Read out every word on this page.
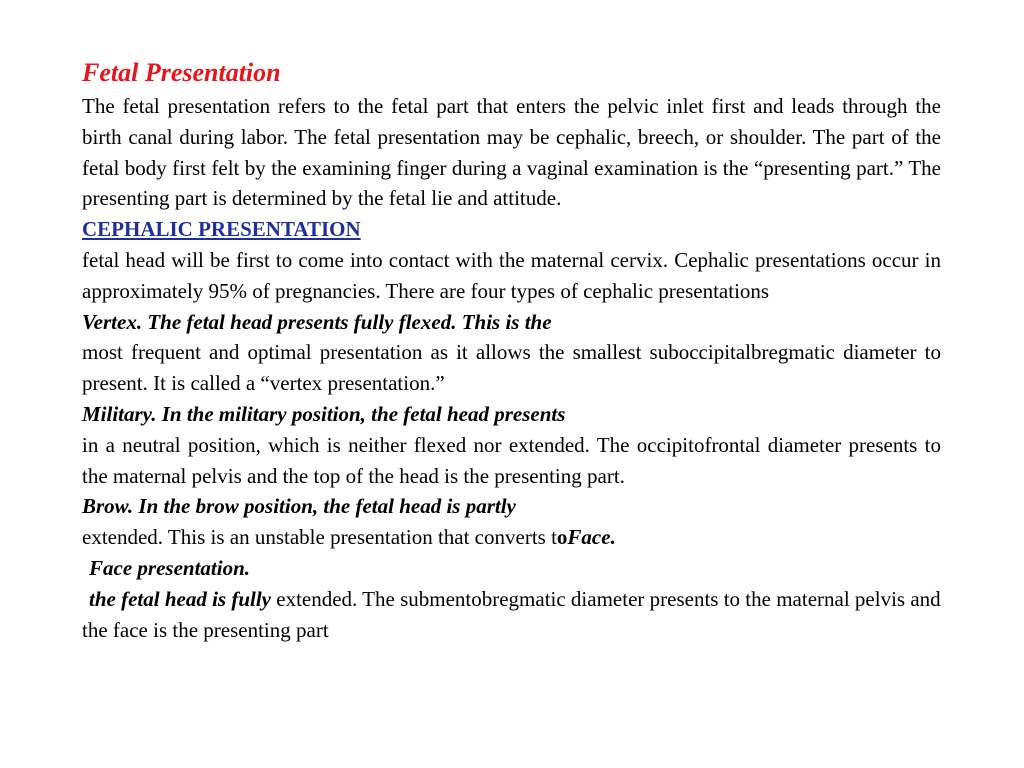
Fetal Presentation

The fetal presentation refers to the fetal part that enters the pelvic inlet first and leads through the birth canal during labor. The fetal presentation may be cephalic, breech, or shoulder. The part of the fetal body first felt by the examining finger during a vaginal examination is the “presenting part.” The presenting part is determined by the fetal lie and attitude.

CEPHALIC PRESENTATION

fetal head will be first to come into contact with the maternal cervix. Cephalic presentations occur in approximately 95% of pregnancies. There are four types of cephalic presentations

Vertex. The fetal head presents fully flexed. This is the

most frequent and optimal presentation as it allows the smallest suboccipitalbregmatic diameter to present. It is called a “vertex presentation.”

Military. In the military position, the fetal head presents

in a neutral position, which is neither flexed nor extended. The occipitofrontal diameter presents to the maternal pelvis and the top of the head is the presenting part.

Brow. In the brow position, the fetal head is partly

extended. This is an unstable presentation that converts toFace.

Face presentation.

the fetal head is fully extended. The submentobregmatic diameter presents to the maternal pelvis and the face is the presenting part
